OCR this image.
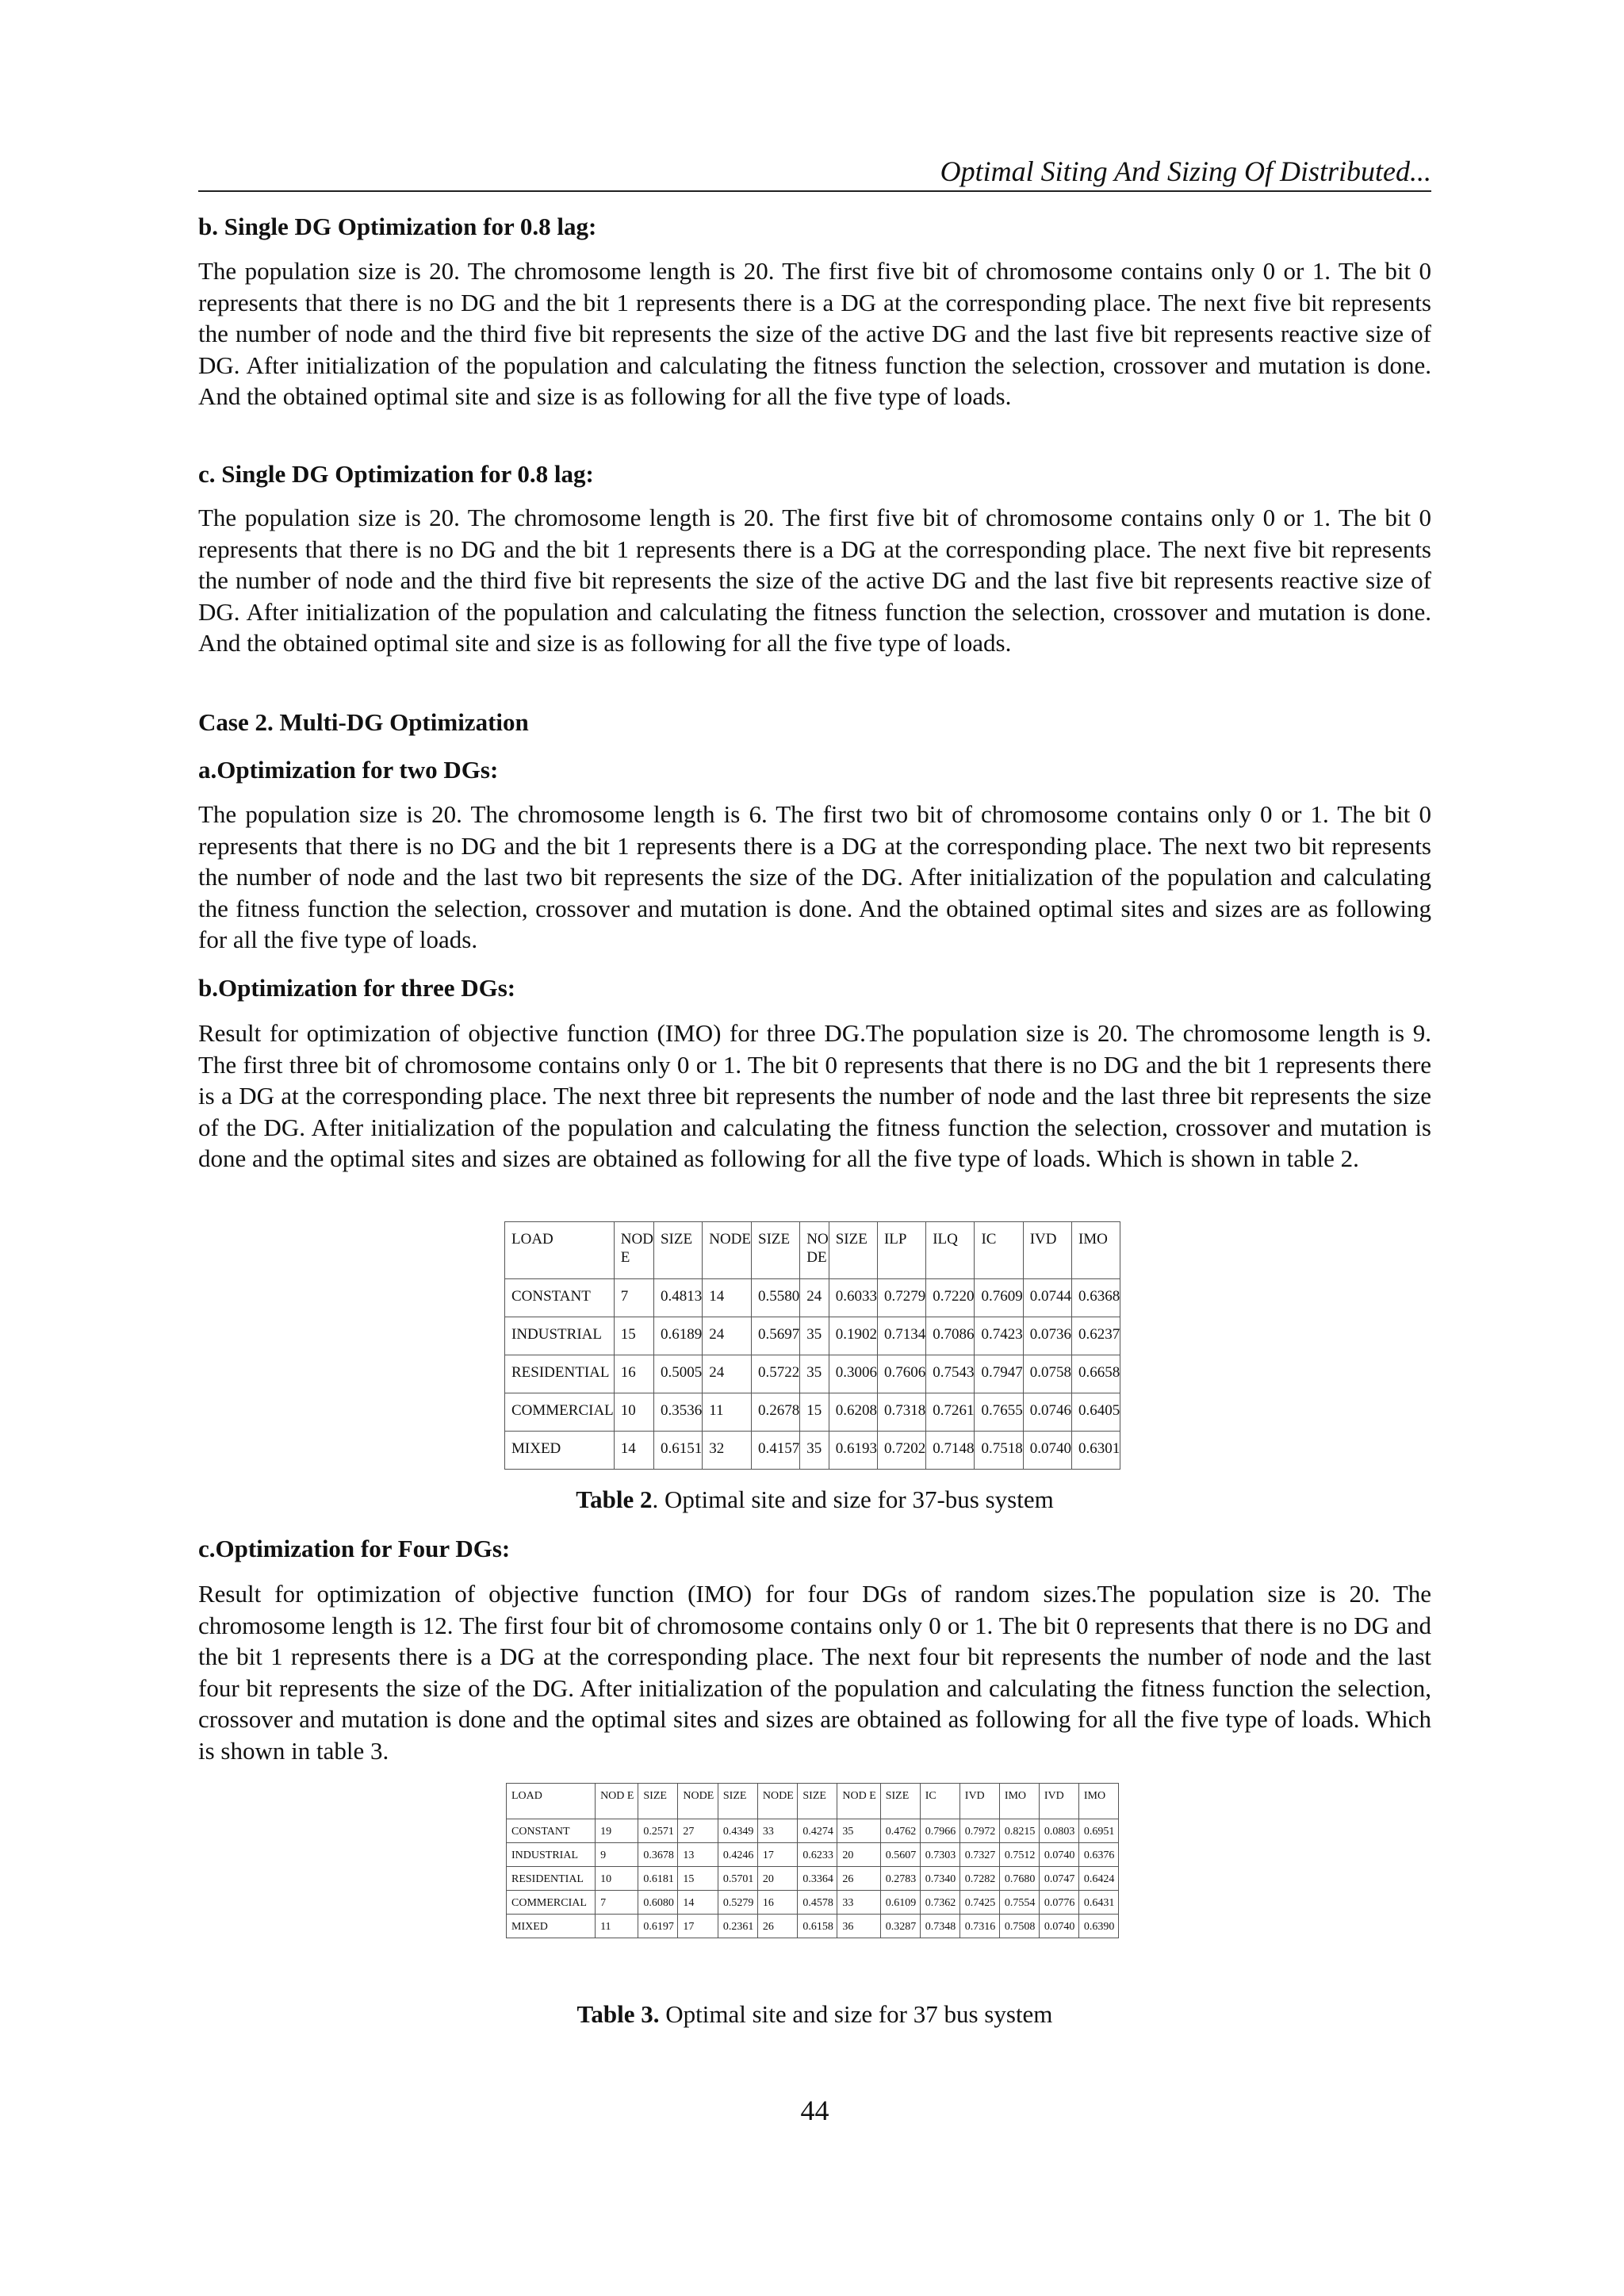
Optimal Siting And Sizing Of Distributed...
b. Single DG Optimization for 0.8 lag:

The population size is 20. The chromosome length is 20. The first five bit of chromosome contains only 0 or 1. The bit 0 represents that there is no DG and the bit 1 represents there is a DG at the corresponding place. The next five bit represents the number of node and the third five bit represents the size of the active DG and the last five bit represents reactive size of DG. After initialization of the population and calculating the fitness function the selection, crossover and mutation is done. And the obtained optimal site and size is as following for all the five type of loads.

c. Single DG Optimization for 0.8 lag:

The population size is 20. The chromosome length is 20. The first five bit of chromosome contains only 0 or 1. The bit 0 represents that there is no DG and the bit 1 represents there is a DG at the corresponding place. The next five bit represents the number of node and the third five bit represents the size of the active DG and the last five bit represents reactive size of DG. After initialization of the population and calculating the fitness function the selection, crossover and mutation is done. And the obtained optimal site and size is as following for all the five type of loads.

Case 2. Multi-DG Optimization
a.Optimization for two DGs:

The population size is 20. The chromosome length is 6. The first two bit of chromosome contains only 0 or 1. The bit 0 represents that there is no DG and the bit 1 represents there is a DG at the corresponding place. The next two bit represents the number of node and the last two bit represents the size of the DG. After initialization of the population and calculating the fitness function the selection, crossover and mutation is done. And the obtained optimal sites and sizes are as following for all the five type of loads.

b.Optimization for three DGs:

Result for optimization of objective function (IMO) for three DG.The population size is 20. The chromosome length is 9. The first three bit of chromosome contains only 0 or 1. The bit 0 represents that there is no DG and the bit 1 represents there is a DG at the corresponding place. The next three bit represents the number of node and the last three bit represents the size of the DG. After initialization of the population and calculating the fitness function the selection, crossover and mutation is done and the optimal sites and sizes are obtained as following for all the five type of loads. Which is shown in table 2.

LOAD	NOD E	SIZE	NODE	SIZE	NO DE	SIZE	ILP	ILQ	IC	IVD	IMO
CONSTANT	7	0.4813	14	0.5580	24	0.6033	0.7279	0.7220	0.7609	0.0744	0.6368
INDUSTRIAL	15	0.6189	24	0.5697	35	0.1902	0.7134	0.7086	0.7423	0.0736	0.6237
RESIDENTIAL	16	0.5005	24	0.5722	35	0.3006	0.7606	0.7543	0.7947	0.0758	0.6658
COMMERCIAL	10	0.3536	11	0.2678	15	0.6208	0.7318	0.7261	0.7655	0.0746	0.6405
MIXED	14	0.6151	32	0.4157	35	0.6193	0.7202	0.7148	0.7518	0.0740	0.6301
Table 2. Optimal site and size for 37-bus system
c.Optimization for Four DGs:

Result for optimization of objective function (IMO) for four DGs of random sizes.The population size is 20. The chromosome length is 12. The first four bit of chromosome contains only 0 or 1. The bit 0 represents that there is no DG and the bit 1 represents there is a DG at the corresponding place. The next four bit represents the number of node and the last four bit represents the size of the DG. After initialization of the population and calculating the fitness function the selection, crossover and mutation is done and the optimal sites and sizes are obtained as following for all the five type of loads. Which is shown in table 3.

LOAD	NOD E	SIZE	NODE	SIZE	NODE	SIZE	NOD E	SIZE	IC	IVD	IMO	IVD	IMO
CONSTANT	19	0.2571	27	0.4349	33	0.4274	35	0.4762	0.7966	0.7972	0.8215	0.0803	0.6951
INDUSTRIAL	9	0.3678	13	0.4246	17	0.6233	20	0.5607	0.7303	0.7327	0.7512	0.0740	0.6376
RESIDENTIAL	10	0.6181	15	0.5701	20	0.3364	26	0.2783	0.7340	0.7282	0.7680	0.0747	0.6424
COMMERCIAL	7	0.6080	14	0.5279	16	0.4578	33	0.6109	0.7362	0.7425	0.7554	0.0776	0.6431
MIXED	11	0.6197	17	0.2361	26	0.6158	36	0.3287	0.7348	0.7316	0.7508	0.0740	0.6390
Table 3. Optimal site and size for 37 bus system
44
